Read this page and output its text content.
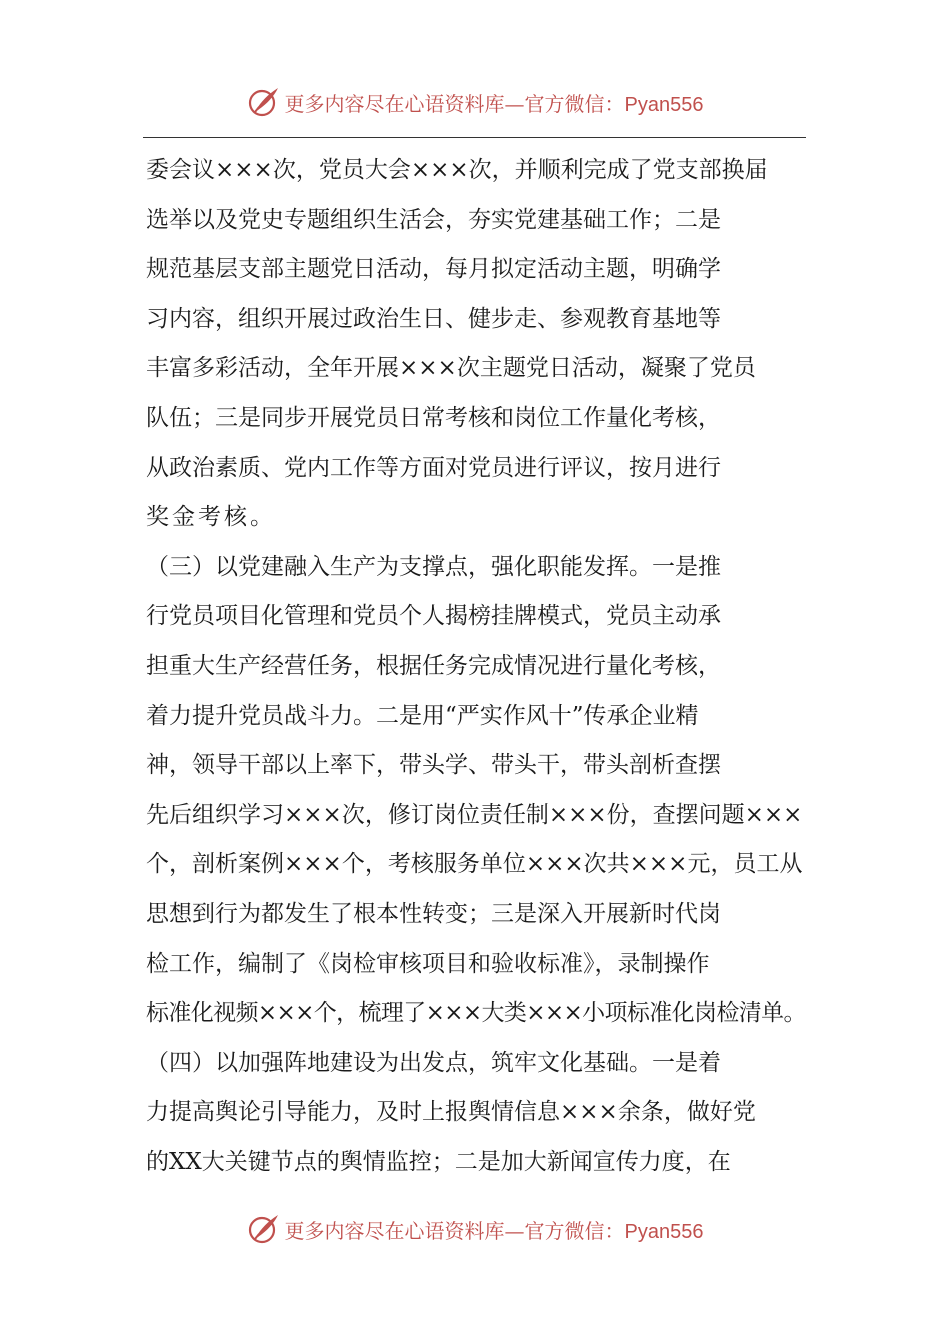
更多内容尽在心语资料库—官方微信：Pyan556
委会议×××次，党员大会×××次，并顺利完成了党支部换届
选举以及党史专题组织生活会，夯实党建基础工作；二是
规范基层支部主题党日活动，每月拟定活动主题，明确学
习内容，组织开展过政治生日、健步走、参观教育基地等
丰富多彩活动，全年开展×××次主题党日活动，凝聚了党员
队伍；三是同步开展党员日常考核和岗位工作量化考核，
从政治素质、党内工作等方面对党员进行评议，按月进行
奖金考核。
（三）以党建融入生产为支撑点，强化职能发挥。一是推
行党员项目化管理和党员个人揭榜挂牌模式，党员主动承
担重大生产经营任务，根据任务完成情况进行量化考核，
着力提升党员战斗力。二是用“严实作风十”传承企业精
神，领导干部以上率下，带头学、带头干，带头剖析查摆
先后组织学习×××次，修订岗位责任制×××份，查摆问题×××
个，剖析案例×××个，考核服务单位×××次共×××元，员工从
思想到行为都发生了根本性转变；三是深入开展新时代岗
检工作，编制了《岗检审核项目和验收标准》，录制操作
标准化视频×××个，梳理了×××大类×××小项标准化岗检清单。
（四）以加强阵地建设为出发点，筑牢文化基础。一是着
力提高舆论引导能力，及时上报舆情信息×××余条，做好党
的XX大关键节点的舆情监控；二是加大新闻宣传力度，在
更多内容尽在心语资料库—官方微信：Pyan556
